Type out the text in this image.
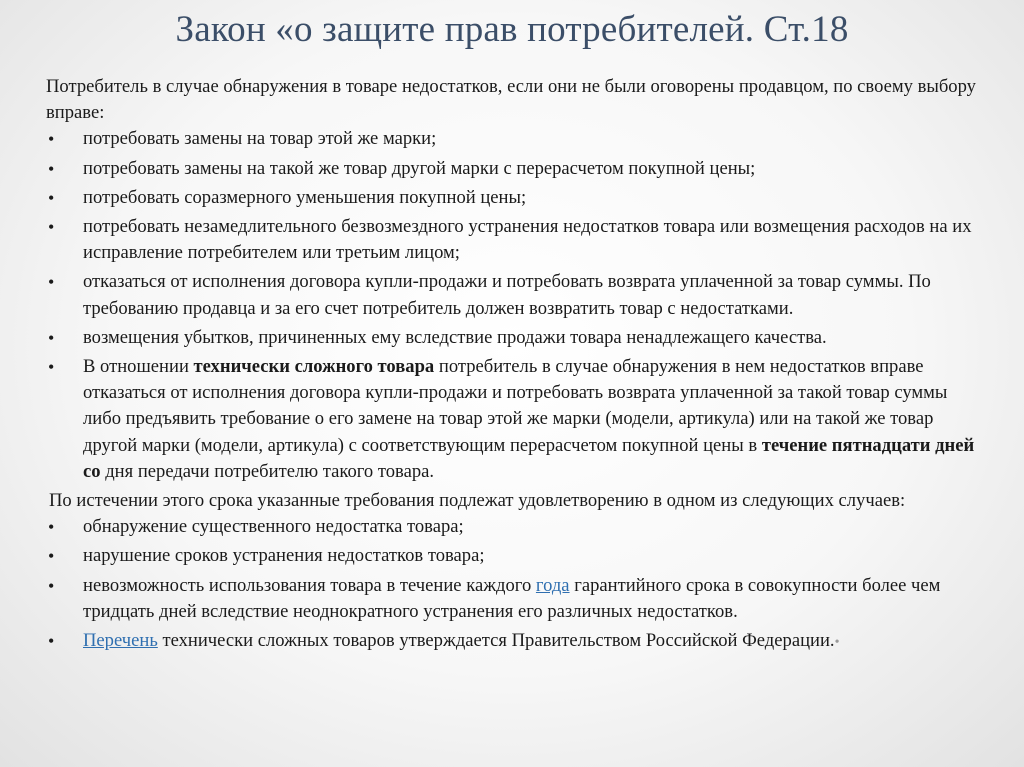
Закон «о защите прав потребителей. Ст.18

Потребитель в случае обнаружения в товаре недостатков, если они не были оговорены продавцом, по своему выбору вправе:

• потребовать замены на товар этой же марки;
• потребовать замены на такой же товар другой марки с перерасчетом покупной цены;
• потребовать соразмерного уменьшения покупной цены;
• потребовать незамедлительного безвозмездного устранения недостатков товара или возмещения расходов на их исправление потребителем или третьим лицом;
• отказаться от исполнения договора купли-продажи и потребовать возврата уплаченной за товар суммы. По требованию продавца и за его счет потребитель должен возвратить товар с недостатками.
• возмещения убытков, причиненных ему вследствие продажи товара ненадлежащего качества.
• В отношении технически сложного товара потребитель в случае обнаружения в нем недостатков вправе отказаться от исполнения договора купли-продажи и потребовать возврата уплаченной за такой товар суммы либо предъявить требование о его замене на товар этой же марки (модели, артикула) или на такой же товар другой марки (модели, артикула) с соответствующим перерасчетом покупной цены в течение пятнадцати дней со дня передачи потребителю такого товара.

По истечении этого срока указанные требования подлежат удовлетворению в одном из следующих случаев:

• обнаружение существенного недостатка товара;
• нарушение сроков устранения недостатков товара;
• невозможность использования товара в течение каждого года гарантийного срока в совокупности более чем тридцать дней вследствие неоднократного устранения его различных недостатков.
• Перечень технически сложных товаров утверждается Правительством Российской Федерации.•
